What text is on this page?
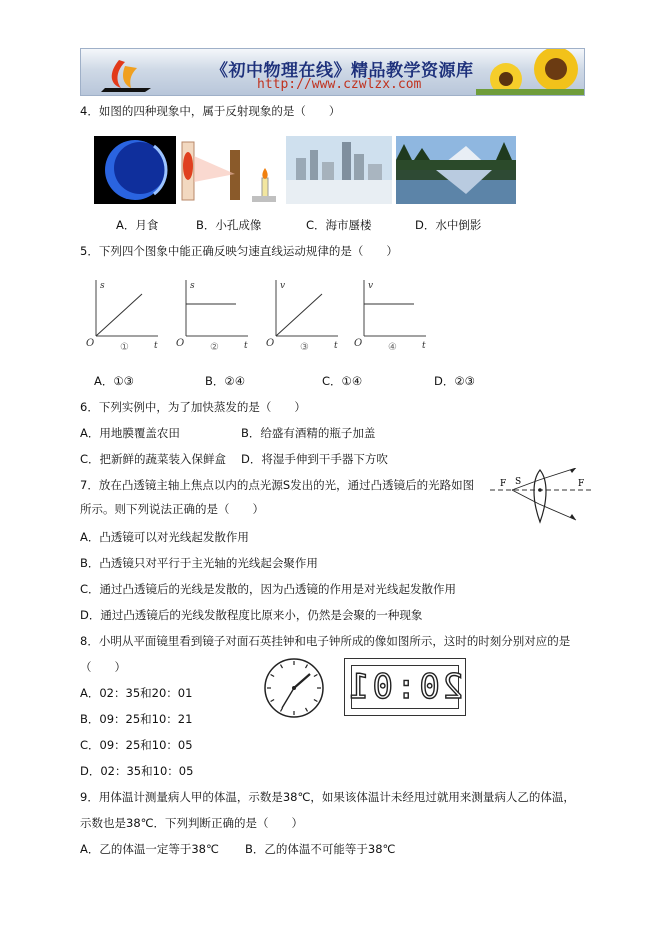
《初中物理在线》精品教学资源库
http://www.czwlzx.com
4．如图的四种现象中，属于反射现象的是（　　）
A．月食	B．小孔成像	C．海市蜃楼	D．水中倒影
5．下列四个图象中能正确反映匀速直线运动规律的是（　　）
s
t
O	①
s
t
O	②
v
t
O	③
v
t
O	④
A．①③	B．②④	C．①④	D．②③
6．下列实例中，为了加快蒸发的是（　　）
A．用地膜覆盖农田	B．给盛有酒精的瓶子加盖
C．把新鲜的蔬菜装入保鲜盒 D．将湿手伸到干手器下方吹
7．放在凸透镜主轴上焦点以内的点光源S发出的光，通过凸透镜后的光路如图
所示。则下列说法正确的是（　　）
F S	F
A．凸透镜可以对光线起发散作用
B．凸透镜只对平行于主光轴的光线起会聚作用
C．通过凸透镜后的光线是发散的，因为凸透镜的作用是对光线起发散作用
D．通过凸透镜后的光线发散程度比原来小，仍然是会聚的一种现象
8．小明从平面镜里看到镜子对面石英挂钟和电子钟所成的像如图所示，这时的时刻分别对应的是
（　　）	20:01
A．02：35和20：01
B．09：25和10：21
C．09：25和10：05
D．02：35和10：05
9．用体温计测量病人甲的体温，示数是38℃，如果该体温计未经甩过就用来测量病人乙的体温，
示数也是38℃．下列判断正确的是（　　）
A．乙的体温一定等于38℃ B．乙的体温不可能等于38℃
